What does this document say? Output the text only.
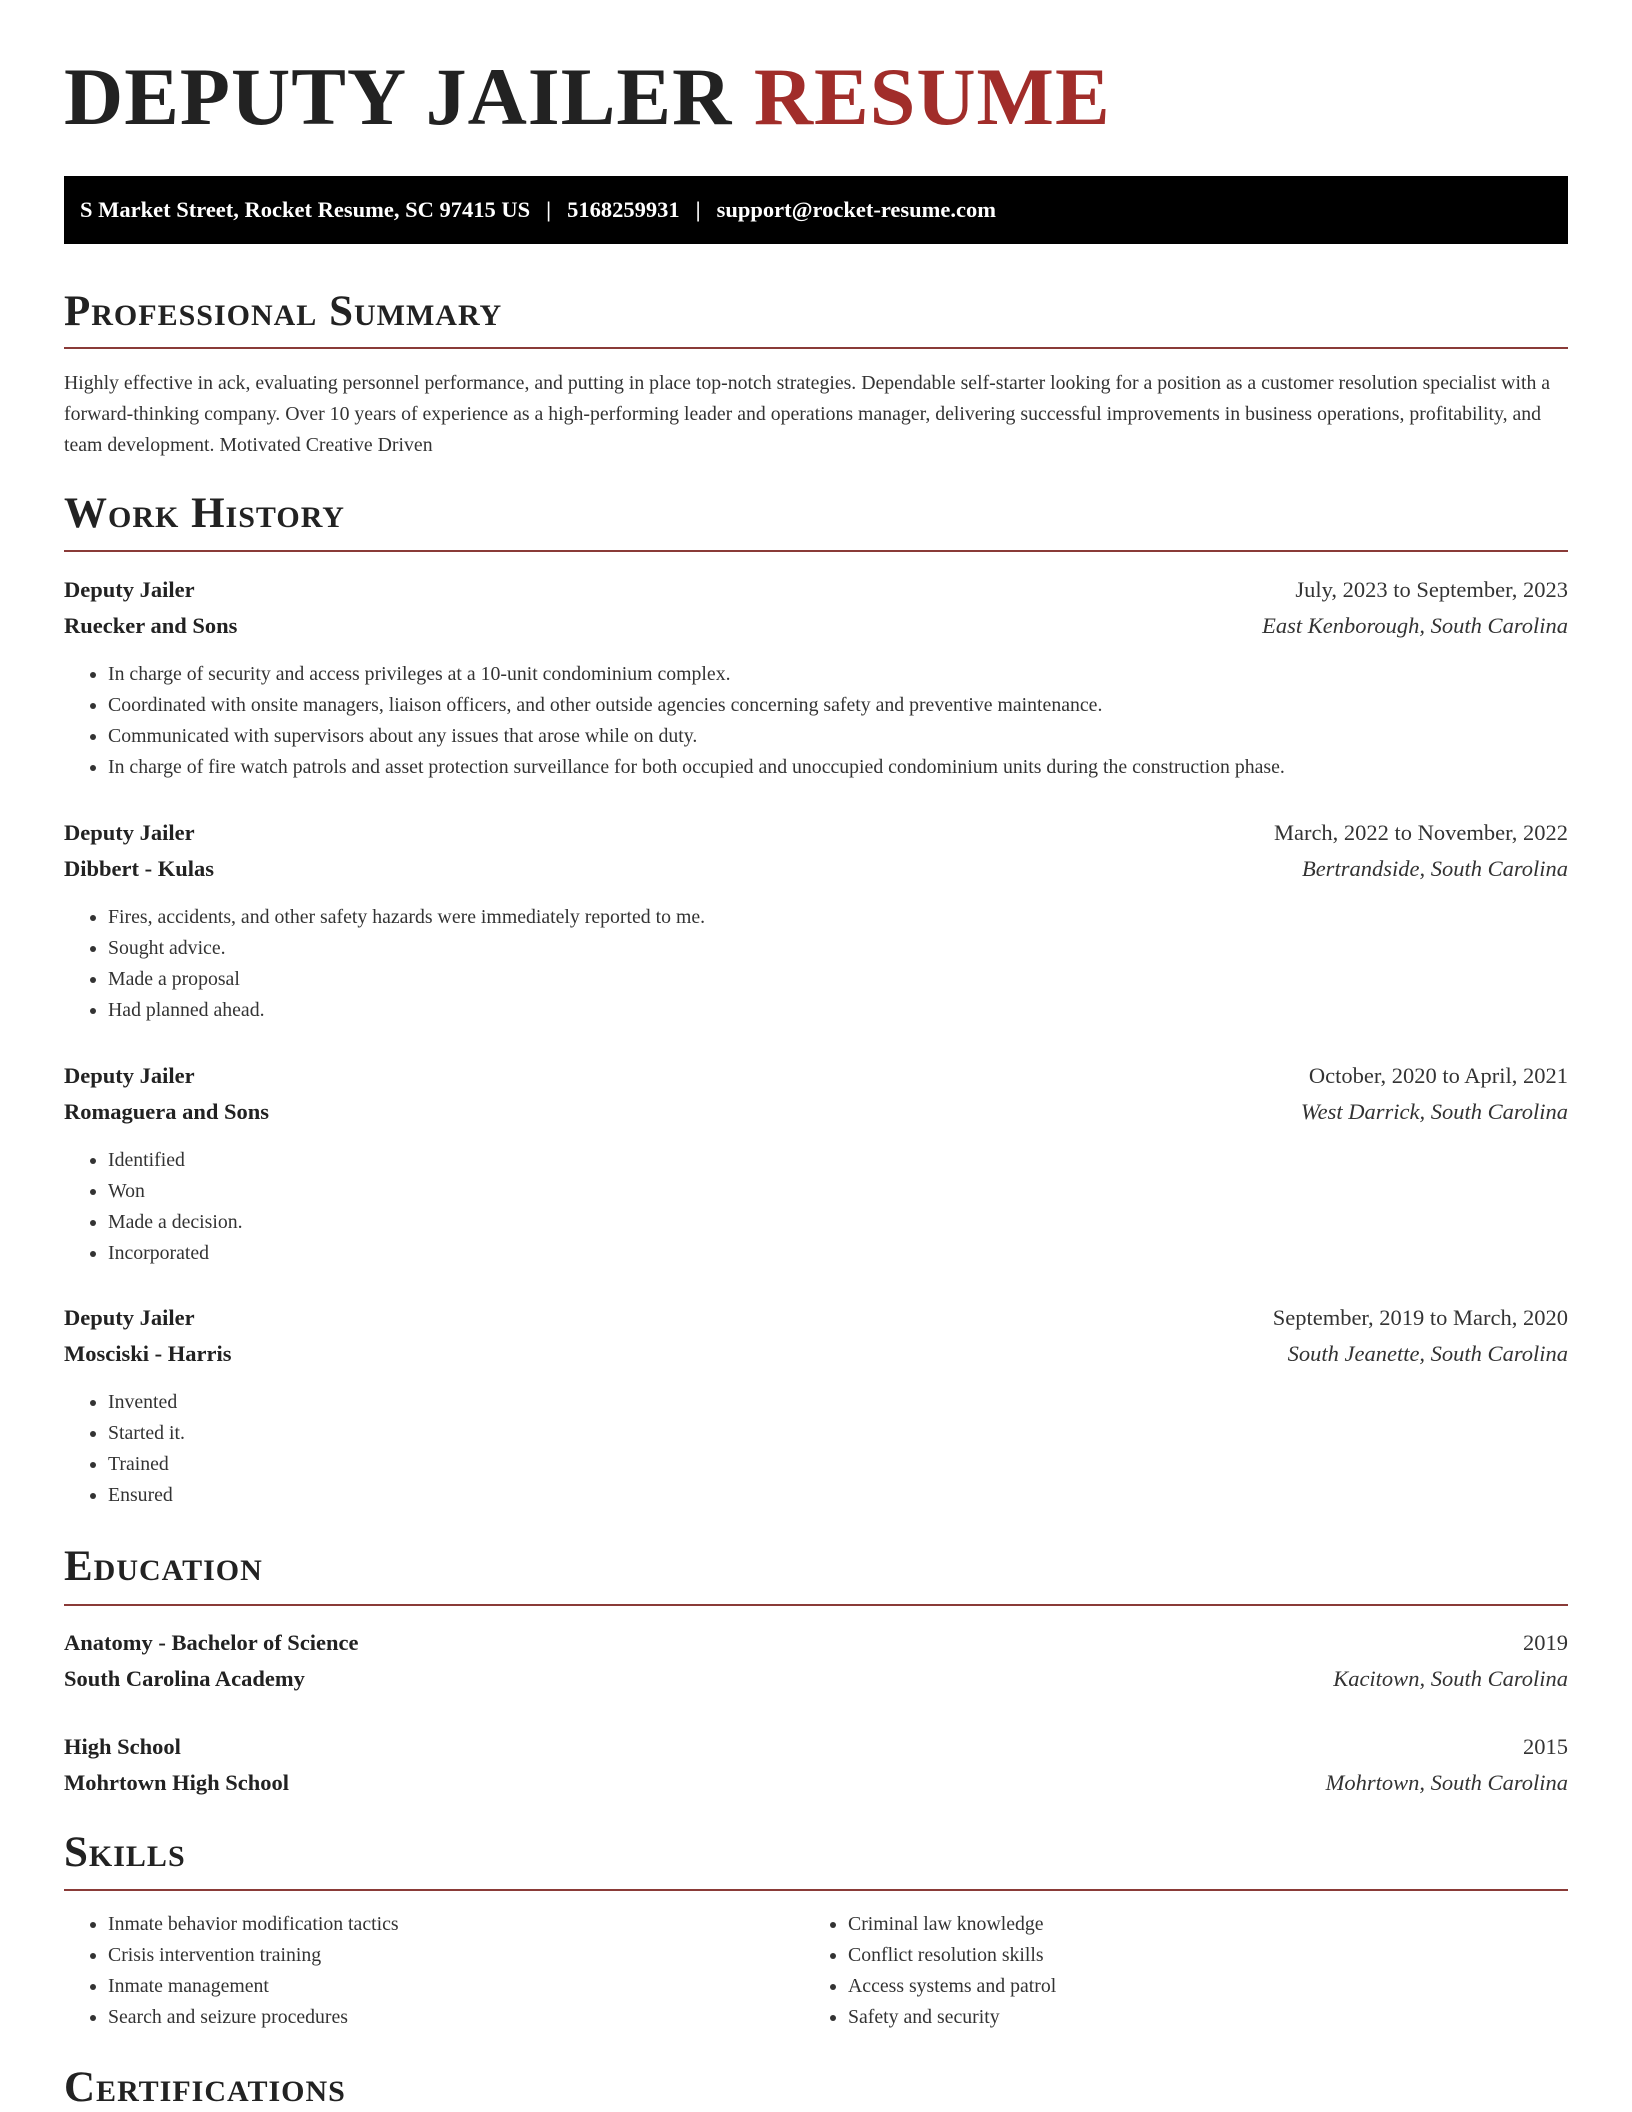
DEPUTY JAILER RESUME
S Market Street, Rocket Resume, SC 97415 US | 5168259931 | support@rocket-resume.com
Professional Summary

Highly effective in ack, evaluating personnel performance, and putting in place top-notch strategies. Dependable self-starter looking for a position as a customer resolution specialist with a forward-thinking company. Over 10 years of experience as a high-performing leader and operations manager, delivering successful improvements in business operations, profitability, and team development. Motivated Creative Driven

Work History
Deputy Jailer	July, 2023 to September, 2023
Ruecker and Sons	East Kenborough, South Carolina
• In charge of security and access privileges at a 10-unit condominium complex.
• Coordinated with onsite managers, liaison officers, and other outside agencies concerning safety and preventive maintenance.
• Communicated with supervisors about any issues that arose while on duty.
• In charge of fire watch patrols and asset protection surveillance for both occupied and unoccupied condominium units during the construction phase.
Deputy Jailer	March, 2022 to November, 2022
Dibbert - Kulas	Bertrandside, South Carolina
• Fires, accidents, and other safety hazards were immediately reported to me.
• Sought advice.
• Made a proposal
• Had planned ahead.
Deputy Jailer	October, 2020 to April, 2021
Romaguera and Sons	West Darrick, South Carolina
• Identified
• Won
• Made a decision.
• Incorporated
Deputy Jailer	September, 2019 to March, 2020
Mosciski - Harris	South Jeanette, South Carolina
• Invented
• Started it.
• Trained
• Ensured
Education
Anatomy - Bachelor of Science	2019
South Carolina Academy	Kacitown, South Carolina
High School	2015
Mohrtown High School	Mohrtown, South Carolina
Skills
• Inmate behavior modification tactics
• Crisis intervention training
• Inmate management
• Search and seizure procedures
• Criminal law knowledge
• Conflict resolution skills
• Access systems and patrol
• Safety and security
Certifications
